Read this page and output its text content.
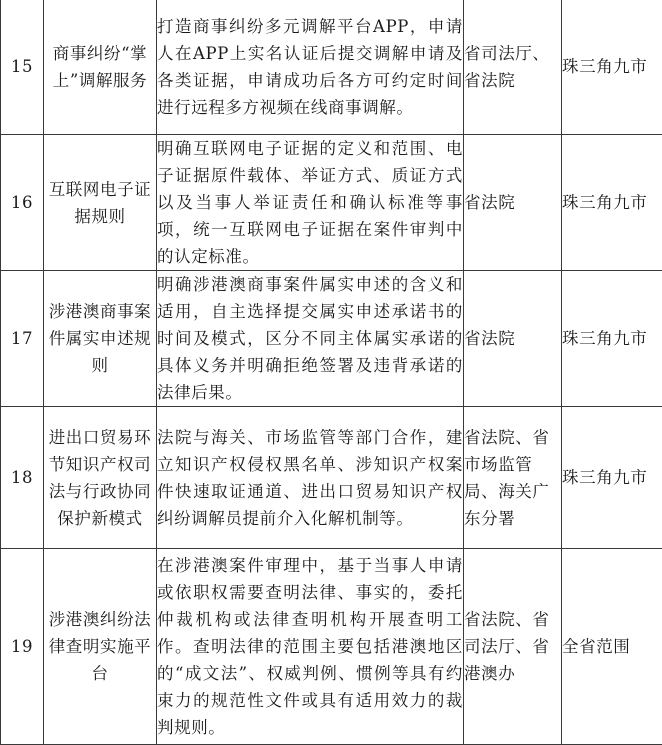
15	商事纠纷“掌上”调解服务	打造商事纠纷多元调解平台APP，申请人在APP上实名认证后提交调解申请及各类证据，申请成功后各方可约定时间进行远程多方视频在线商事调解。	省司法厅、省法院	珠三角九市

16	互联网电子证据规则	明确互联网电子证据的定义和范围、电子证据原件载体、举证方式、质证方式以及当事人举证责任和确认标准等事项，统一互联网电子证据在案件审判中的认定标准。	省法院	珠三角九市

17	涉港澳商事案件属实申述规则	明确涉港澳商事案件属实申述的含义和适用，自主选择提交属实申述承诺书的时间及模式，区分不同主体属实承诺的具体义务并明确拒绝签署及违背承诺的法律后果。	省法院	珠三角九市

18	进出口贸易环节知识产权司法与行政协同保护新模式	法院与海关、市场监管等部门合作，建立知识产权侵权黑名单、涉知识产权案件快速取证通道、进出口贸易知识产权纠纷调解员提前介入化解机制等。	省法院、省市场监管局、海关广东分署	珠三角九市

19	涉港澳纠纷法律查明实施平台	在涉港澳案件审理中，基于当事人申请或依职权需要查明法律、事实的，委托仲裁机构或法律查明机构开展查明工作。查明法律的范围主要包括港澳地区的“成文法”、权威判例、惯例等具有约束力的规范性文件或具有适用效力的裁判规则。	省法院、省司法厅、省港澳办	全省范围
